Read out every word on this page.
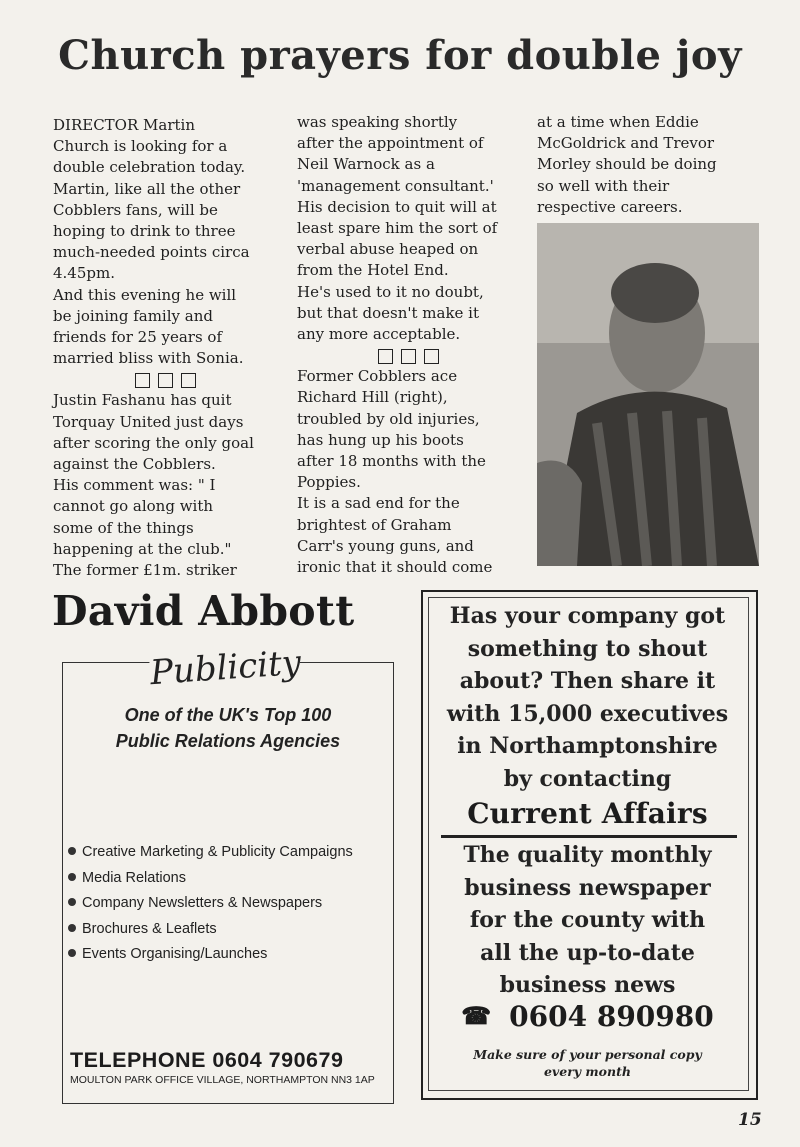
Church prayers for double joy
DIRECTOR Martin
Church is looking for a
double celebration today.
Martin, like all the other
Cobblers fans, will be
hoping to drink to three
much-needed points circa
4.45pm.
And this evening he will
be joining family and
friends for 25 years of
married bliss with Sonia.
Justin Fashanu has quit
Torquay United just days
after scoring the only goal
against the Cobblers.
His comment was: " I
cannot go along with
some of the things
happening at the club."
The former £1m. striker
was speaking shortly
after the appointment of
Neil Warnock as a
'management consultant.'
His decision to quit will at
least spare him the sort of
verbal abuse heaped on
from the Hotel End.
He's used to it no doubt,
but that doesn't make it
any more acceptable.
Former Cobblers ace
Richard Hill (right),
troubled by old injuries,
has hung up his boots
after 18 months with the
Poppies.
It is a sad end for the
brightest of Graham
Carr's young guns, and
ironic that it should come
at a time when Eddie
McGoldrick and Trevor
Morley should be doing
so well with their
respective careers.
David Abbott
Publicity
One of the UK's Top 100
Public Relations Agencies
Creative Marketing & Publicity Campaigns
Media Relations
Company Newsletters & Newspapers
Brochures & Leaflets
Events Organising/Launches
TELEPHONE 0604 790679
MOULTON PARK OFFICE VILLAGE, NORTHAMPTON NN3 1AP
Has your company got
something to shout
about? Then share it
with 15,000 executives
in Northamptonshire
by contacting
Current Affairs
The quality monthly
business newspaper
for the county with
all the up-to-date
business news
☎ 0604 890980
Make sure of your personal copy
every month
15
